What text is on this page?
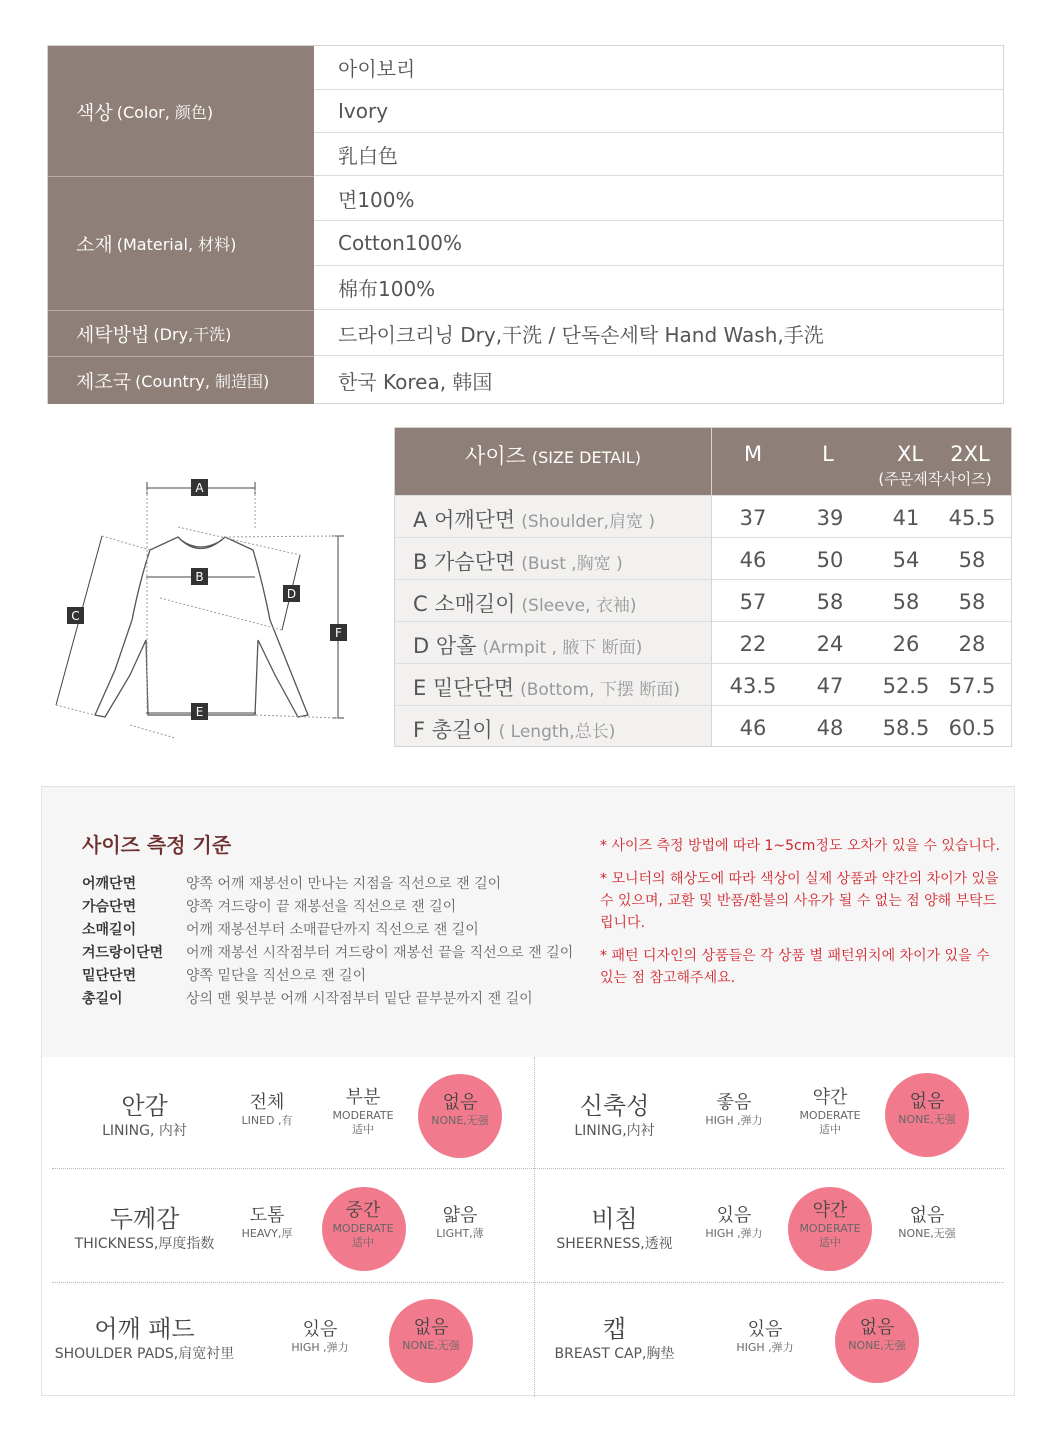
색상 (Color, 颜色)
아이보리
Ivory
乳白色
소재 (Material, 材料)
면100%
Cotton100%
棉布100%
세탁방법 (Dry,干洗)	드라이크리닝 Dry,干洗 / 단독손세탁 Hand Wash,手洗
제조국 (Country, 制造国)	한국 Korea, 韩国
A
B
C
D
E
F
사이즈 (SIZE DETAIL)	M	L	XL	2XL
(주문제작사이즈)
A 어깨단면 (Shoulder,肩宽 )	37	39	41	45.5
B 가슴단면 (Bust ,胸宽 )	46	50	54	58
C 소매길이 (Sleeve, 衣袖)	57	58	58	58
D 암홀 (Armpit , 腋下 断面)	22	24	26	28
E 밑단단면 (Bottom, 下摆 断面)	43.5	47	52.5 57.5
F 총길이 ( Length,总长)	46	48	58.5 60.5
사이즈 측정 기준
어깨단면	양쪽 어깨 재봉선이 만나는 지점을 직선으로 잰 길이
가슴단면	양쪽 겨드랑이 끝 재봉선을 직선으로 잰 길이
소매길이	어깨 재봉선부터 소매끝단까지 직선으로 잰 길이
겨드랑이단면	어깨 재봉선 시작점부터 겨드랑이 재봉선 끝을 직선으로 잰 길이
밑단단면	양쪽 밑단을 직선으로 잰 길이
총길이	상의 맨 윗부분 어깨 시작점부터 밑단 끝부분까지 잰 길이

* 사이즈 측정 방법에 따라 1~5cm정도 오차가 있을 수 있습니다.

* 모니터의 해상도에 따라 색상이 실제 상품과 약간의 차이가 있을 수 있으며, 교환 및 반품/환불의 사유가 될 수 없는 점 양해 부탁드립니다.

* 패턴 디자인의 상품들은 각 상품 별 패턴위치에 차이가 있을 수 있는 점 참고해주세요.

안감
LINING, 内衬
전체
LINED ,有
부분
MODERATE
适中
없음
NONE,无强
신축성
LINING,内衬
좋음
HIGH ,弹力
약간
MODERATE
适中
없음
NONE,无强
두께감
THICKNESS,厚度指数
도톰
HEAVY,厚
중간
MODERATE
适中
얇음
LIGHT,薄
비침
SHEERNESS,透视
있음
HIGH ,弹力
약간
MODERATE
适中
없음
NONE,无强
어깨 패드
SHOULDER PADS,肩宽衬里
있음
HIGH ,弹力
없음
NONE,无强
캡
BREAST CAP,胸垫
있음
HIGH ,弹力
없음
NONE,无强
